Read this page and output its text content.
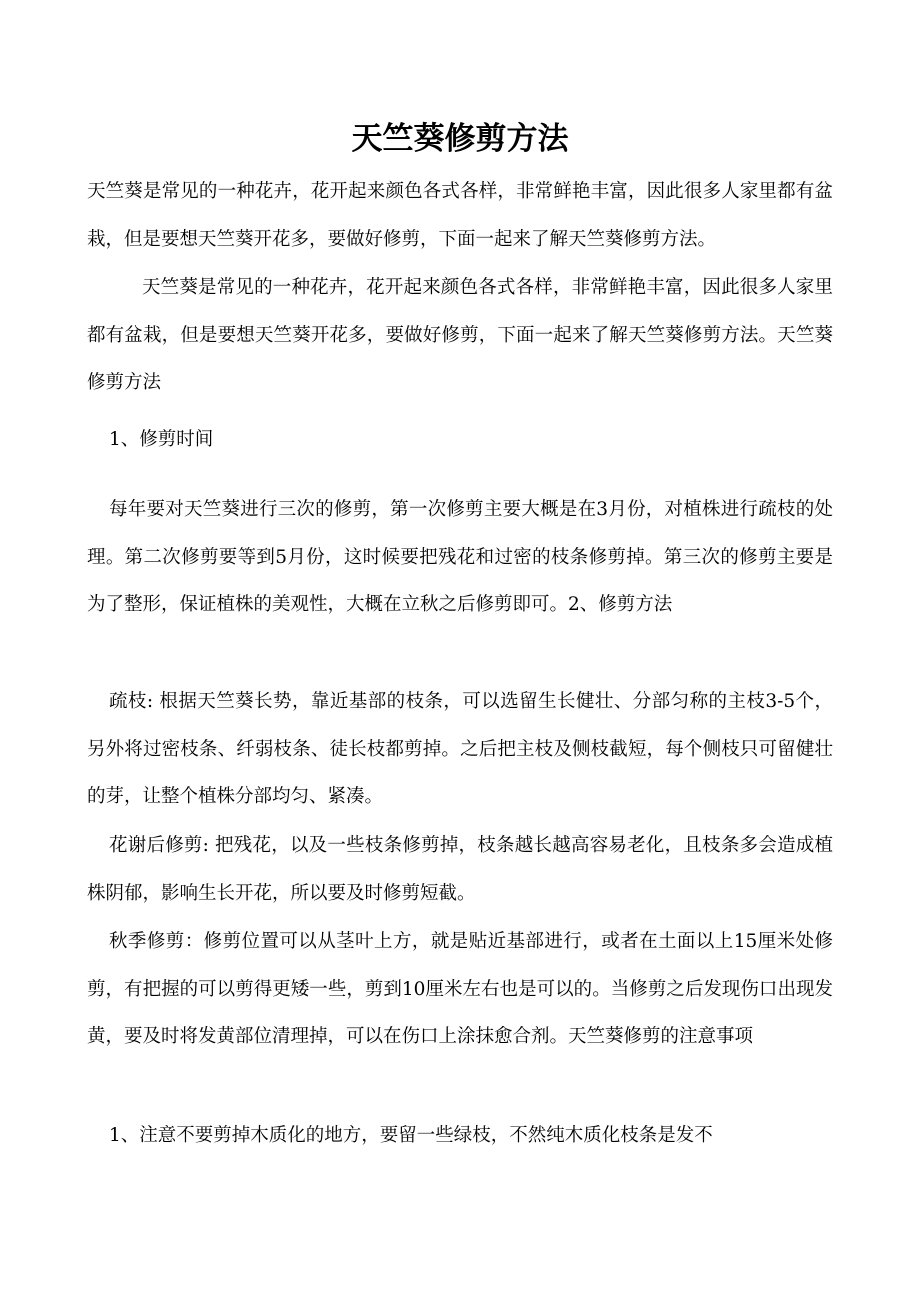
天竺葵修剪方法

天竺葵是常见的一种花卉，花开起来颜色各式各样，非常鲜艳丰富，因此很多人家里都有盆栽，但是要想天竺葵开花多，要做好修剪，下面一起来了解天竺葵修剪方法。

天竺葵是常见的一种花卉，花开起来颜色各式各样，非常鲜艳丰富，因此很多人家里都有盆栽，但是要想天竺葵开花多，要做好修剪，下面一起来了解天竺葵修剪方法。天竺葵修剪方法

1、修剪时间

每年要对天竺葵进行三次的修剪，第一次修剪主要大概是在3月份，对植株进行疏枝的处理。第二次修剪要等到5月份，这时候要把残花和过密的枝条修剪掉。第三次的修剪主要是为了整形，保证植株的美观性，大概在立秋之后修剪即可。2、修剪方法

疏枝: 根据天竺葵长势，靠近基部的枝条，可以选留生长健壮、分部匀称的主枝3-5个，另外将过密枝条、纤弱枝条、徒长枝都剪掉。之后把主枝及侧枝截短，每个侧枝只可留健壮的芽，让整个植株分部均匀、紧凑。

花谢后修剪: 把残花，以及一些枝条修剪掉，枝条越长越高容易老化，且枝条多会造成植株阴郁，影响生长开花，所以要及时修剪短截。

秋季修剪：修剪位置可以从茎叶上方，就是贴近基部进行，或者在土面以上15厘米处修剪，有把握的可以剪得更矮一些，剪到10厘米左右也是可以的。当修剪之后发现伤口出现发黄，要及时将发黄部位清理掉，可以在伤口上涂抹愈合剂。天竺葵修剪的注意事项

1、注意不要剪掉木质化的地方，要留一些绿枝，不然纯木质化枝条是发不
